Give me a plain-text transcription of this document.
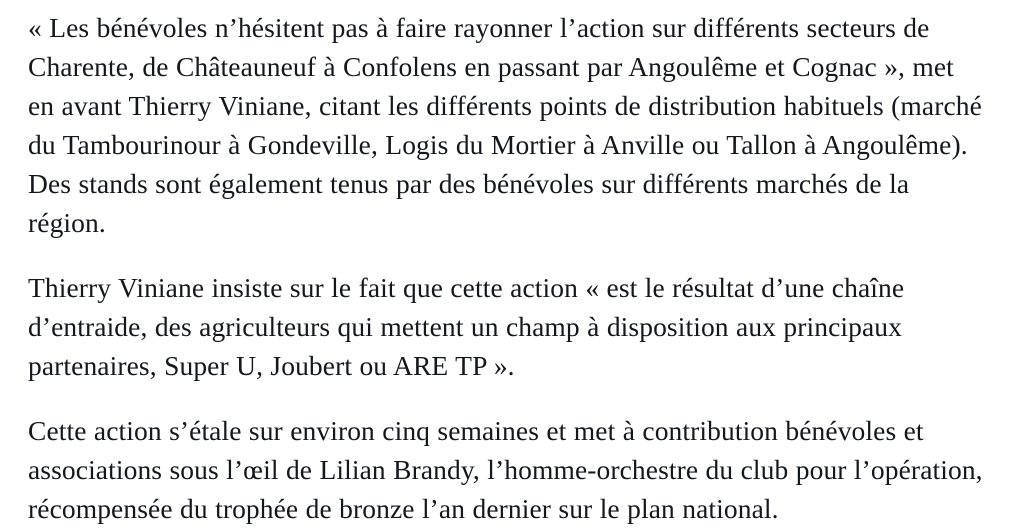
« Les bénévoles n’hésitent pas à faire rayonner l’action sur différents secteurs de Charente, de Châteauneuf à Confolens en passant par Angoulême et Cognac », met en avant Thierry Viniane, citant les différents points de distribution habituels (marché du Tambourinour à Gondeville, Logis du Mortier à Anville ou Tallon à Angoulême). Des stands sont également tenus par des bénévoles sur différents marchés de la région.

Thierry Viniane insiste sur le fait que cette action « est le résultat d’une chaîne d’entraide, des agriculteurs qui mettent un champ à disposition aux principaux partenaires, Super U, Joubert ou ARE TP ».

Cette action s’étale sur environ cinq semaines et met à contribution bénévoles et associations sous l’œil de Lilian Brandy, l’homme-orchestre du club pour l’opération, récompensée du trophée de bronze l’an dernier sur le plan national.
